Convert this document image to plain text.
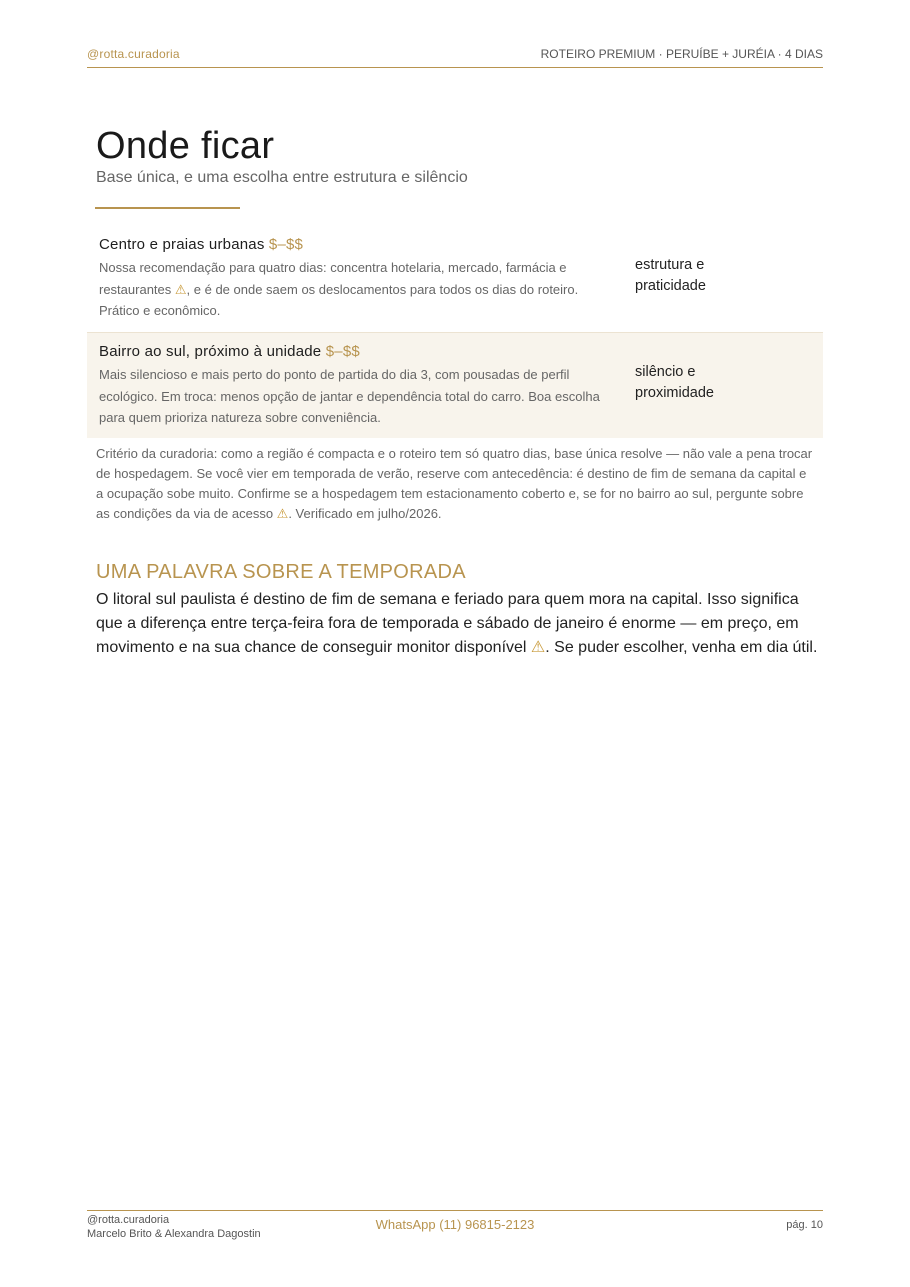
@rotta.curadoria	ROTEIRO PREMIUM · PERUÍBE + JURÉIA · 4 DIAS
Onde ficar
Base única, e uma escolha entre estrutura e silêncio
Centro e praias urbanas $–$$
Nossa recomendação para quatro dias: concentra hotelaria, mercado, farmácia e restaurantes ⚠, e é de onde saem os deslocamentos para todos os dias do roteiro. Prático e econômico.
estrutura e praticidade
Bairro ao sul, próximo à unidade $–$$
Mais silencioso e mais perto do ponto de partida do dia 3, com pousadas de perfil ecológico. Em troca: menos opção de jantar e dependência total do carro. Boa escolha para quem prioriza natureza sobre conveniência.
silêncio e proximidade
Critério da curadoria: como a região é compacta e o roteiro tem só quatro dias, base única resolve — não vale a pena trocar de hospedagem. Se você vier em temporada de verão, reserve com antecedência: é destino de fim de semana da capital e a ocupação sobe muito. Confirme se a hospedagem tem estacionamento coberto e, se for no bairro ao sul, pergunte sobre as condições da via de acesso ⚠. Verificado em julho/2026.
UMA PALAVRA SOBRE A TEMPORADA
O litoral sul paulista é destino de fim de semana e feriado para quem mora na capital. Isso significa que a diferença entre terça-feira fora de temporada e sábado de janeiro é enorme — em preço, em movimento e na sua chance de conseguir monitor disponível ⚠. Se puder escolher, venha em dia útil.
@rotta.curadoria
Marcelo Brito & Alexandra Dagostin
WhatsApp (11) 96815-2123	pág. 10
